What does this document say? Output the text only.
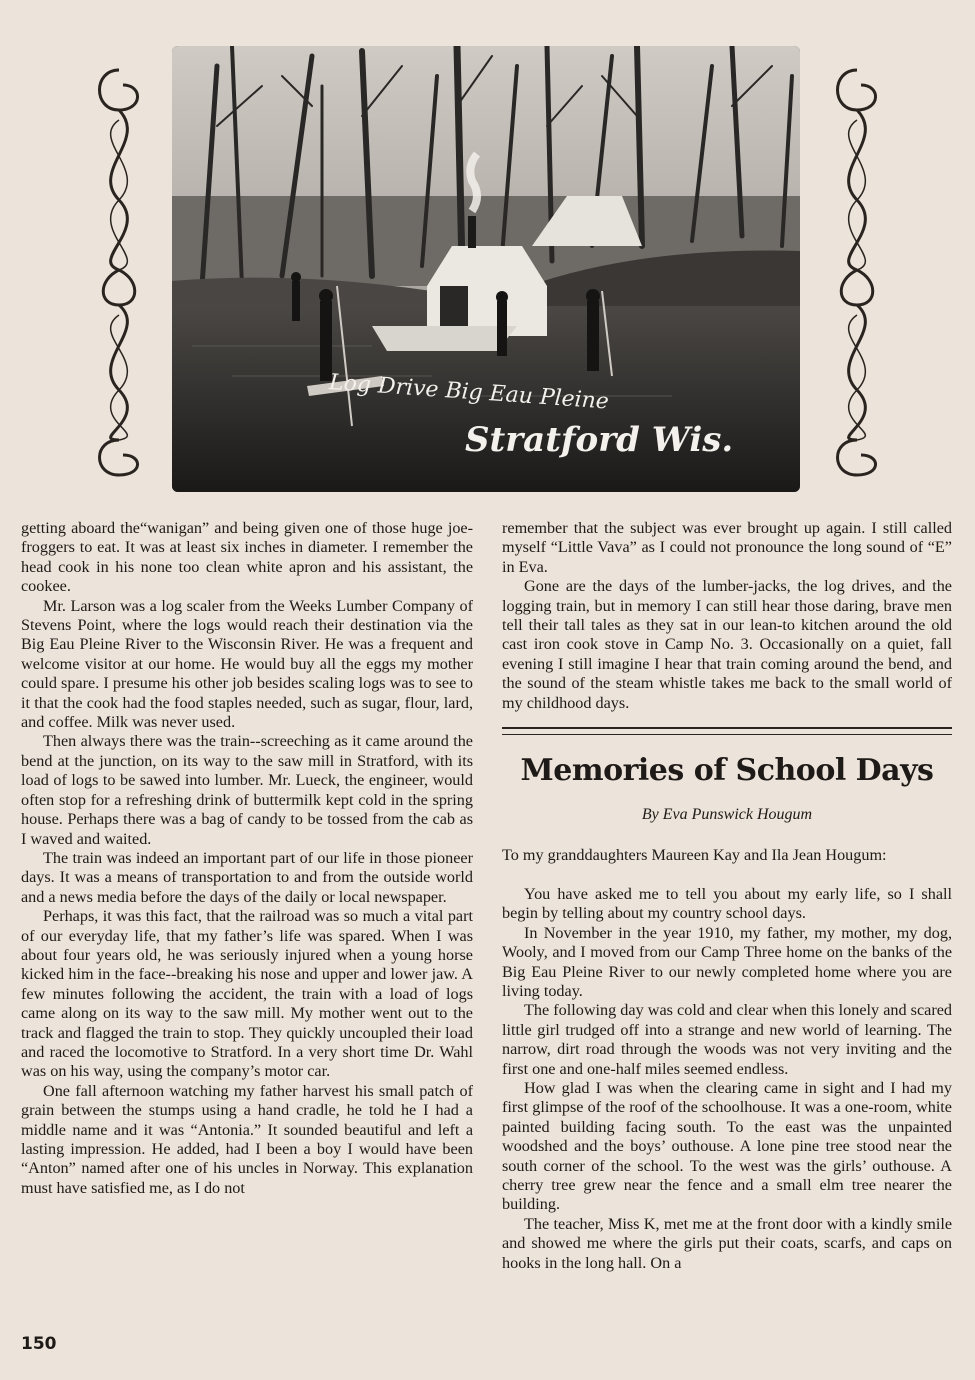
Log Drive Big Eau Pleine
Stratford Wis.

getting aboard the“wanigan” and being given one of those huge joe-froggers to eat. It was at least six inches in diameter. I remember the head cook in his none too clean white apron and his assistant, the cookee.

Mr. Larson was a log scaler from the Weeks Lumber Company of Stevens Point, where the logs would reach their destination via the Big Eau Pleine River to the Wisconsin River. He was a frequent and welcome visitor at our home. He would buy all the eggs my mother could spare. I presume his other job besides scaling logs was to see to it that the cook had the food staples needed, such as sugar, flour, lard, and coffee. Milk was never used.

Then always there was the train--screeching as it came around the bend at the junction, on its way to the saw mill in Stratford, with its load of logs to be sawed into lumber. Mr. Lueck, the engineer, would often stop for a refreshing drink of buttermilk kept cold in the spring house. Perhaps there was a bag of candy to be tossed from the cab as I waved and waited.

The train was indeed an important part of our life in those pioneer days. It was a means of transportation to and from the outside world and a news media before the days of the daily or local newspaper.

Perhaps, it was this fact, that the railroad was so much a vital part of our everyday life, that my father’s life was spared. When I was about four years old, he was seriously injured when a young horse kicked him in the face--breaking his nose and upper and lower jaw. A few minutes following the accident, the train with a load of logs came along on its way to the saw mill. My mother went out to the track and flagged the train to stop. They quickly uncoupled their load and raced the locomotive to Stratford. In a very short time Dr. Wahl was on his way, using the company’s motor car.

One fall afternoon watching my father harvest his small patch of grain between the stumps using a hand cradle, he told he I had a middle name and it was “Antonia.” It sounded beautiful and left a lasting impression. He added, had I been a boy I would have been “Anton” named after one of his uncles in Norway. This explanation must have satisfied me, as I do not

remember that the subject was ever brought up again. I still called myself “Little Vava” as I could not pronounce the long sound of “E” in Eva.

Gone are the days of the lumber-jacks, the log drives, and the logging train, but in memory I can still hear those daring, brave men tell their tall tales as they sat in our lean-to kitchen around the old cast iron cook stove in Camp No. 3. Occasionally on a quiet, fall evening I still imagine I hear that train coming around the bend, and the sound of the steam whistle takes me back to the small world of my childhood days.

Memories of School Days
By Eva Punswick Hougum

To my granddaughters Maureen Kay and Ila Jean Hougum:

You have asked me to tell you about my early life, so I shall begin by telling about my country school days.

In November in the year 1910, my father, my mother, my dog, Wooly, and I moved from our Camp Three home on the banks of the Big Eau Pleine River to our newly completed home where you are living today.

The following day was cold and clear when this lonely and scared little girl trudged off into a strange and new world of learning. The narrow, dirt road through the woods was not very inviting and the first one and one-half miles seemed endless.

How glad I was when the clearing came in sight and I had my first glimpse of the roof of the schoolhouse. It was a one-room, white painted building facing south. To the east was the unpainted woodshed and the boys’ outhouse. A lone pine tree stood near the south corner of the school. To the west was the girls’ outhouse. A cherry tree grew near the fence and a small elm tree nearer the building.

The teacher, Miss K, met me at the front door with a kindly smile and showed me where the girls put their coats, scarfs, and caps on hooks in the long hall. On a

150
